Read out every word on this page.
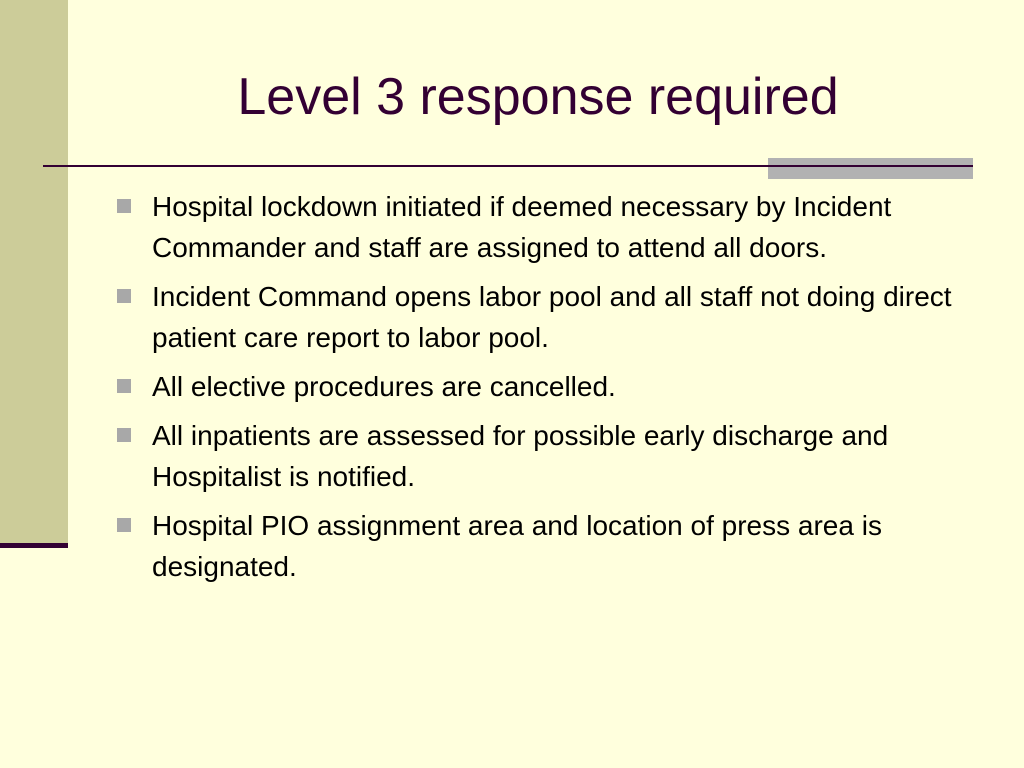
Level 3 response required
Hospital lockdown initiated if deemed necessary by Incident Commander and staff are assigned to attend all doors.
Incident Command opens labor pool and all staff not doing direct patient care report to labor pool.
All elective procedures are cancelled.
All inpatients are assessed for possible early discharge and Hospitalist is notified.
Hospital PIO assignment area and location of press area is designated.
